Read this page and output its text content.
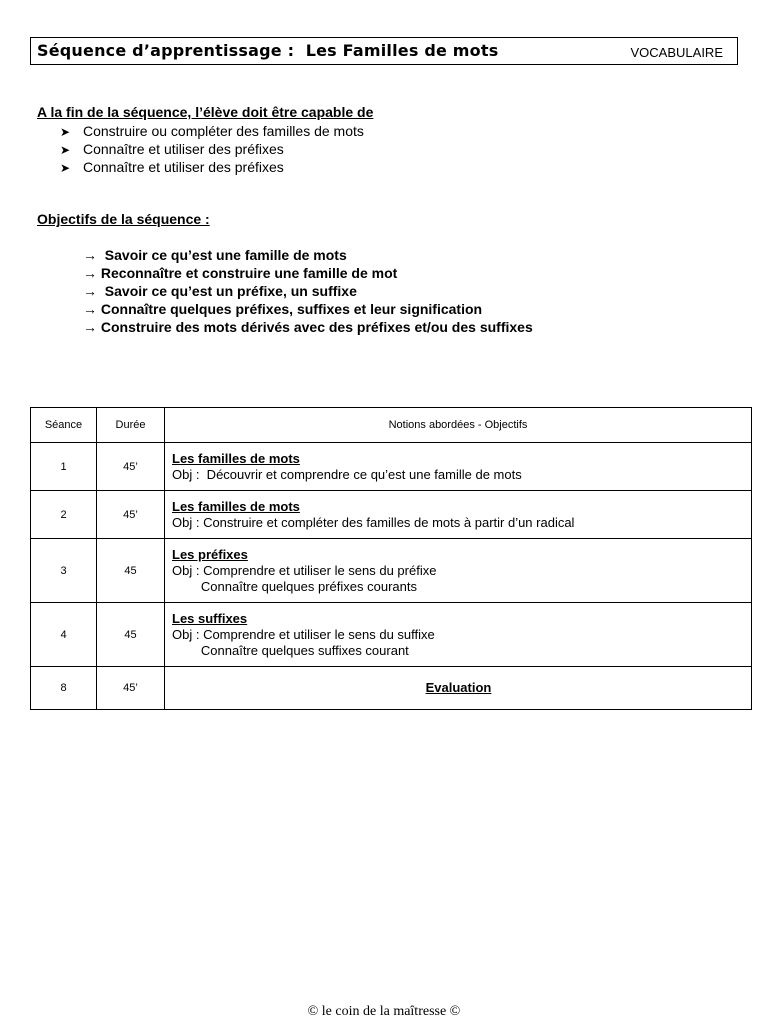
Séquence d’apprentissage :  Les Familles de mots	VOCABULAIRE
A la fin de la séquence, l’élève doit être capable de
➤ Construire ou compléter des familles de mots
➤ Connaître et utiliser des préfixes
➤ Connaître et utiliser des préfixes
Objectifs de la séquence :
→  Savoir ce qu’est une famille de mots
→ Reconnaître et construire une famille de mot
→  Savoir ce qu’est un préfixe, un suffixe
→ Connaître quelques préfixes, suffixes et leur signification
→ Construire des mots dérivés avec des préfixes et/ou des suffixes
Séance	Durée	Notions abordées - Objectifs
1	45’	Les familles de mots
Obj :  Découvrir et comprendre ce qu’est une famille de mots

2	45’	Les familles de mots
Obj : Construire et compléter des familles de mots à partir d’un radical

3	45	Les préfixes
Obj : Comprendre et utiliser le sens du préfixe
Connaître quelques préfixes courants

4	45	Les suffixes
Obj : Comprendre et utiliser le sens du suffixe
Connaître quelques suffixes courant

8	45’	Evaluation
© le coin de la maîtresse ©
